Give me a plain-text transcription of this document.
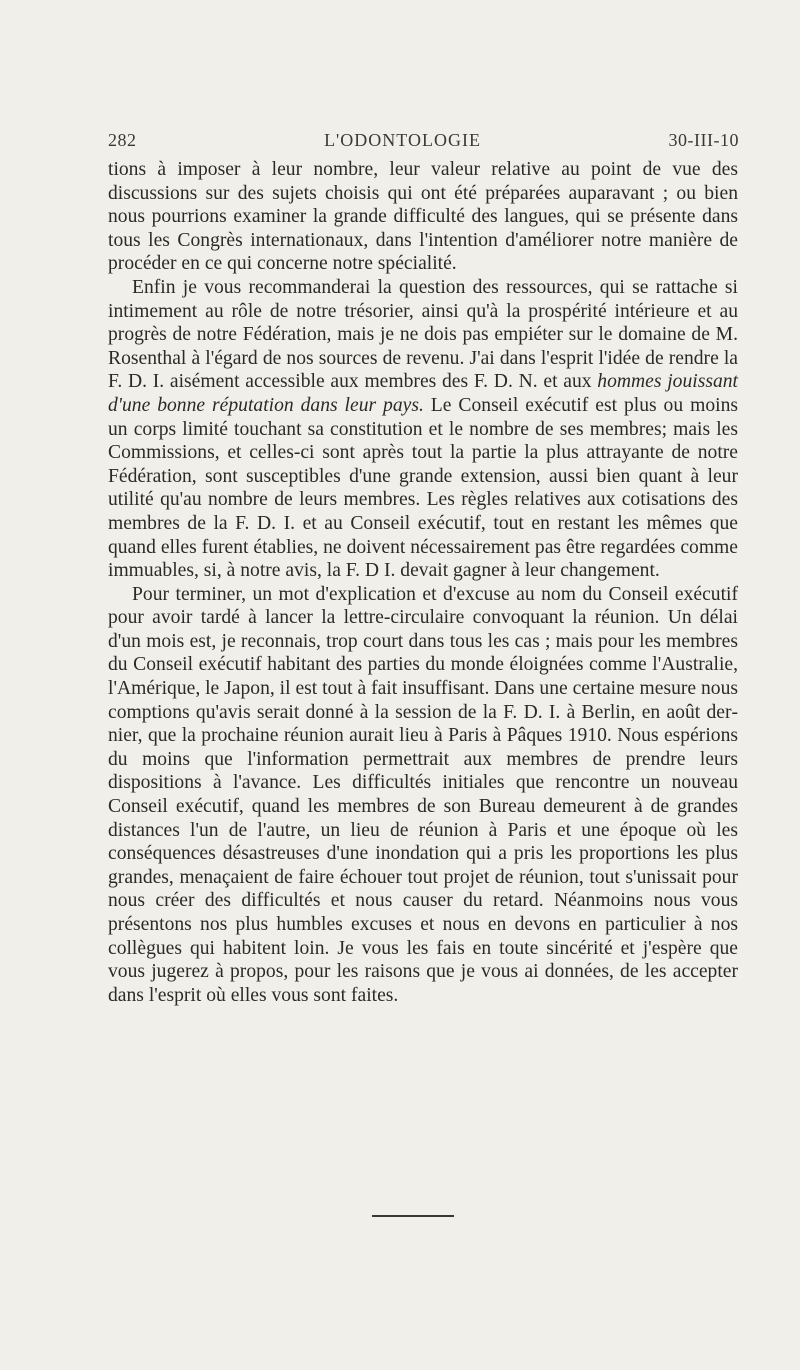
282	L'ODONTOLOGIE	30-III-10

tions à imposer à leur nombre, leur valeur relative au point de vue des discussions sur des sujets choisis qui ont été préparées auparavant ; ou bien nous pourrions examiner la grande difficulté des langues, qui se présente dans tous les Congrès internationaux, dans l'intention d'améliorer notre manière de procéder en ce qui concerne notre spécialité.

Enfin je vous recommanderai la question des ressources, qui se rattache si intimement au rôle de notre trésorier, ainsi qu'à la prospérité intérieure et au progrès de notre Fédération, mais je ne dois pas empiéter sur le domaine de M. Rosenthal à l'égard de nos sources de revenu. J'ai dans l'esprit l'idée de rendre la F. D. I. aisément accessible aux membres des F. D. N. et aux hommes jouissant d'une bonne réputation dans leur pays. Le Conseil exécutif est plus ou moins un corps limité touchant sa constitution et le nombre de ses membres; mais les Commissions, et celles-ci sont après tout la partie la plus attrayante de notre Fédération, sont susceptibles d'une grande extension, aussi bien quant à leur utilité qu'au nombre de leurs membres. Les règles relatives aux cotisations des membres de la F. D. I. et au Conseil exécutif, tout en restant les mêmes que quand elles furent établies, ne doivent nécessairement pas être regardées comme immuables, si, à notre avis, la F. D I. devait gagner à leur changement.

Pour terminer, un mot d'explication et d'excuse au nom du Conseil exécutif pour avoir tardé à lancer la lettre-circulaire convoquant la réunion. Un délai d'un mois est, je reconnais, trop court dans tous les cas ; mais pour les membres du Conseil exécutif habitant des parties du monde éloignées comme l'Australie, l'Amérique, le Japon, il est tout à fait insuffisant. Dans une certaine mesure nous comptions qu'avis serait donné à la session de la F. D. I. à Berlin, en août dernier, que la prochaine réunion aurait lieu à Paris à Pâques 1910. Nous espérions du moins que l'information permettrait aux membres de prendre leurs dispositions à l'avance. Les difficultés initiales que rencontre un nouveau Conseil exécutif, quand les membres de son Bureau demeurent à de grandes distances l'un de l'autre, un lieu de réunion à Paris et une époque où les conséquences désastreuses d'une inondation qui a pris les proportions les plus grandes, menaçaient de faire échouer tout projet de réunion, tout s'unissait pour nous créer des difficultés et nous causer du retard. Néanmoins nous vous présentons nos plus humbles excuses et nous en devons en particulier à nos collègues qui habitent loin. Je vous les fais en toute sincérité et j'espère que vous jugerez à propos, pour les raisons que je vous ai données, de les accepter dans l'esprit où elles vous sont faites.
